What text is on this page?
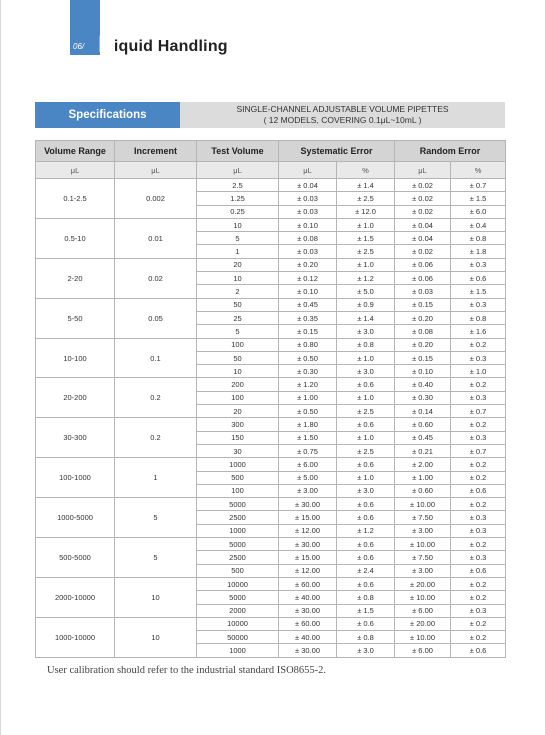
06/ Liquid Handling
Specifications	SINGLE-CHANNEL ADJUSTABLE VOLUME PIPETTES
( 12 MODELS, COVERING 0.1μL~10mL )
Volume Range	Increment	Test Volume	Systematic Error		Random Error	
μL	μL	μL	μL	%	μL	%
0.1-2.5	0.002	2.5	± 0.04	± 1.4	± 0.02	± 0.7
		1.25	± 0.03	± 2.5	± 0.02	± 1.5
		0.25	± 0.03	± 12.0	± 0.02	± 6.0
0.5-10	0.01	10	± 0.10	± 1.0	± 0.04	± 0.4
		5	± 0.08	± 1.5	± 0.04	± 0.8
		1	± 0.03	± 2.5	± 0.02	± 1.8
2-20	0.02	20	± 0.20	± 1.0	± 0.06	± 0.3
		10	± 0.12	± 1.2	± 0.06	± 0.6
		2	± 0.10	± 5.0	± 0.03	± 1.5
5-50	0.05	50	± 0.45	± 0.9	± 0.15	± 0.3
		25	± 0.35	± 1.4	± 0.20	± 0.8
		5	± 0.15	± 3.0	± 0.08	± 1.6
10-100	0.1	100	± 0.80	± 0.8	± 0.20	± 0.2
		50	± 0.50	± 1.0	± 0.15	± 0.3
		10	± 0.30	± 3.0	± 0.10	± 1.0
20-200	0.2	200	± 1.20	± 0.6	± 0.40	± 0.2
		100	± 1.00	± 1.0	± 0.30	± 0.3
		20	± 0.50	± 2.5	± 0.14	± 0.7
30-300	0.2	300	± 1.80	± 0.6	± 0.60	± 0.2
		150	± 1.50	± 1.0	± 0.45	± 0.3
		30	± 0.75	± 2.5	± 0.21	± 0.7
100-1000	1	1000	± 6.00	± 0.6	± 2.00	± 0.2
		500	± 5.00	± 1.0	± 1.00	± 0.2
		100	± 3.00	± 3.0	± 0.60	± 0.6
1000-5000	5	5000	± 30.00	± 0.6	± 10.00	± 0.2
		2500	± 15.00	± 0.6	± 7.50	± 0.3
		1000	± 12.00	± 1.2	± 3.00	± 0.3
500-5000	5	5000	± 30.00	± 0.6	± 10.00	± 0.2
		2500	± 15.00	± 0.6	± 7.50	± 0.3
		500	± 12.00	± 2.4	± 3.00	± 0.6
2000-10000	10	10000	± 60.00	± 0.6	± 20.00	± 0.2
		5000	± 40.00	± 0.8	± 10.00	± 0.2
		2000	± 30.00	± 1.5	± 6.00	± 0.3
1000-10000	10	10000	± 60.00	± 0.6	± 20.00	± 0.2
		50000	± 40.00	± 0.8	± 10.00	± 0.2
		1000	± 30.00	± 3.0	± 6.00	± 0.6
User calibration should refer to the industrial standard ISO8655-2.
